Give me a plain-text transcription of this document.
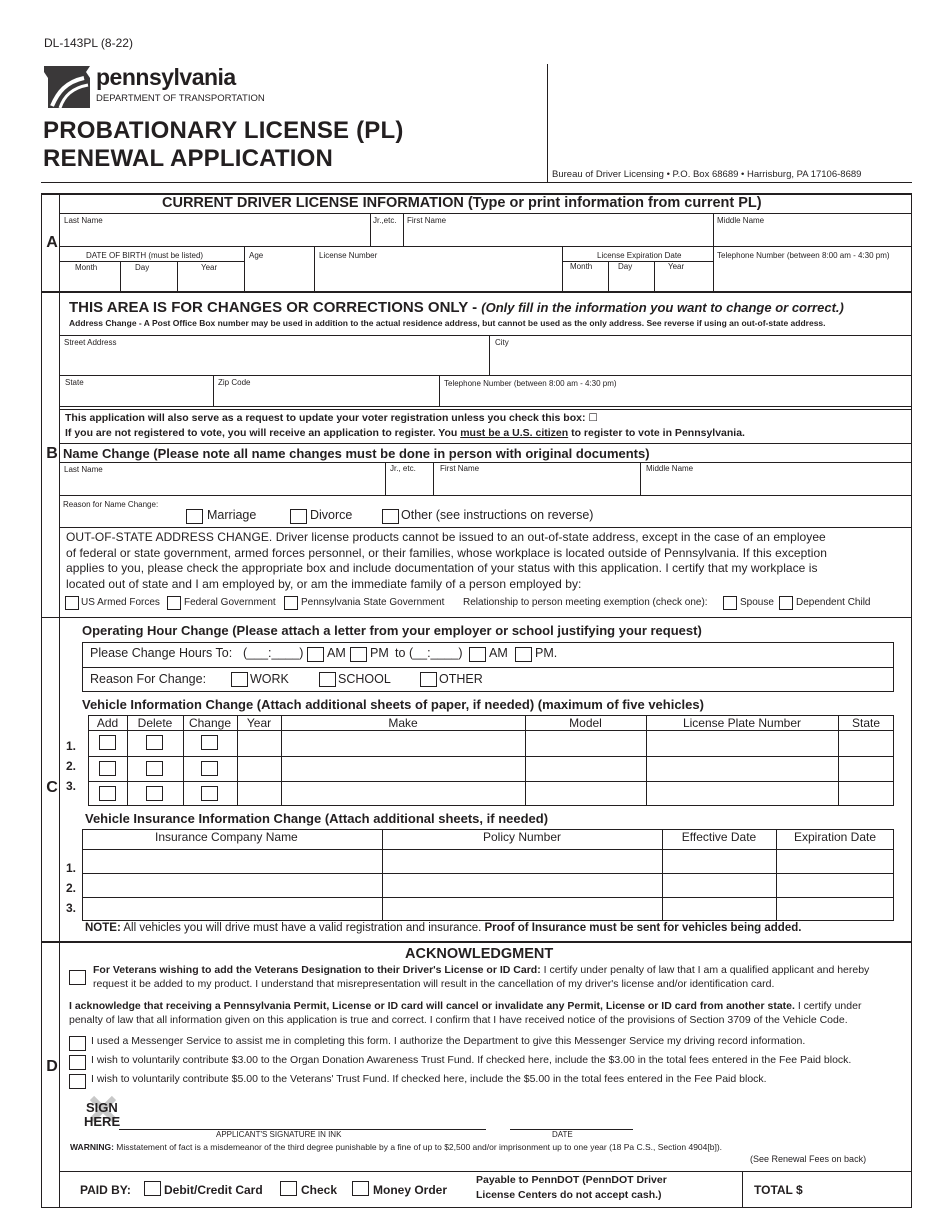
DL-143PL (8-22)
pennsylvania
DEPARTMENT OF TRANSPORTATION
PROBATIONARY LICENSE (PL)
RENEWAL APPLICATION
Bureau of Driver Licensing • P.O. Box 68689 • Harrisburg, PA 17106-8689
A
B
C
D
CURRENT DRIVER LICENSE INFORMATION (Type or print information from current PL)
Last Name	Jr.,etc. First Name	Middle Name
DATE OF BIRTH (must be listed)
Month	Day	Year
Age	License Number	License Expiration Date
Month	Day	Year
Telephone Number (between 8:00 am - 4:30 pm)
THIS AREA IS FOR CHANGES OR CORRECTIONS ONLY - (Only fill in the information you want to change or correct.)
Address Change - A Post Office Box number may be used in addition to the actual residence address, but cannot be used as the only address. See reverse if using an out-of-state address.
Street Address	City
State	Zip Code	Telephone Number (between 8:00 am - 4:30 pm)
This application will also serve as a request to update your voter registration unless you check this box: ☐
If you are not registered to vote, you will receive an application to register. You must be a U.S. citizen to register to vote in Pennsylvania.
Name Change (Please note all name changes must be done in person with original documents)
Last Name	Jr., etc.	First Name	Middle Name
Reason for Name Change:
Marriage	Divorce	Other (see instructions on reverse)
OUT-OF-STATE ADDRESS CHANGE. Driver license products cannot be issued to an out-of-state address, except in the case of an employee
of federal or state government, armed forces personnel, or their families, whose workplace is located outside of Pennsylvania. If this exception
applies to you, please check the appropriate box and include documentation of your status with this application. I certify that my workplace is
located out of state and I am employed by, or am the immediate family of a person employed by:
US Armed Forces Federal Government	Pennsylvania State Government Relationship to person meeting exemption (check one):	Spouse Dependent Child
Operating Hour Change (Please attach a letter from your employer or school justifying your request)
Please Change Hours To: (___:____) AM PM to (__:____) AM PM.
Reason For Change:	WORK	SCHOOL	OTHER
Vehicle Information Change (Attach additional sheets of paper, if needed) (maximum of five vehicles)
Add	Delete	Change	Year	Make	Model	License Plate Number	State
1.
2.
3.
Vehicle Insurance Information Change (Attach additional sheets, if needed)
Insurance Company Name	Policy Number	Effective Date	Expiration Date
1.
2.
3.
NOTE: All vehicles you will drive must have a valid registration and insurance. Proof of Insurance must be sent for vehicles being added.
ACKNOWLEDGMENT
For Veterans wishing to add the Veterans Designation to their Driver's License or ID Card: I certify under penalty of law that I am a qualified applicant and hereby
request it be added to my product. I understand that misrepresentation will result in the cancellation of my driver's license and/or identification card.
I acknowledge that receiving a Pennsylvania Permit, License or ID card will cancel or invalidate any Permit, License or ID card from another state. I certify under
penalty of law that all information given on this application is true and correct. I confirm that I have received notice of the provisions of Section 3709 of the Vehicle Code.
I used a Messenger Service to assist me in completing this form. I authorize the Department to give this Messenger Service my driving record information.
I wish to voluntarily contribute $3.00 to the Organ Donation Awareness Trust Fund. If checked here, include the $3.00 in the total fees entered in the Fee Paid block.
I wish to voluntarily contribute $5.00 to the Veterans' Trust Fund. If checked here, include the $5.00 in the total fees entered in the Fee Paid block.
SIGN
HERE
APPLICANT'S SIGNATURE IN INK	DATE
WARNING: Misstatement of fact is a misdemeanor of the third degree punishable by a fine of up to $2,500 and/or imprisonment up to one year (18 Pa C.S., Section 4904[b]).
(See Renewal Fees on back)
PAID BY:	Debit/Credit Card	Check	Money Order
Payable to PennDOT (PennDOT Driver
License Centers do not accept cash.)	TOTAL $
